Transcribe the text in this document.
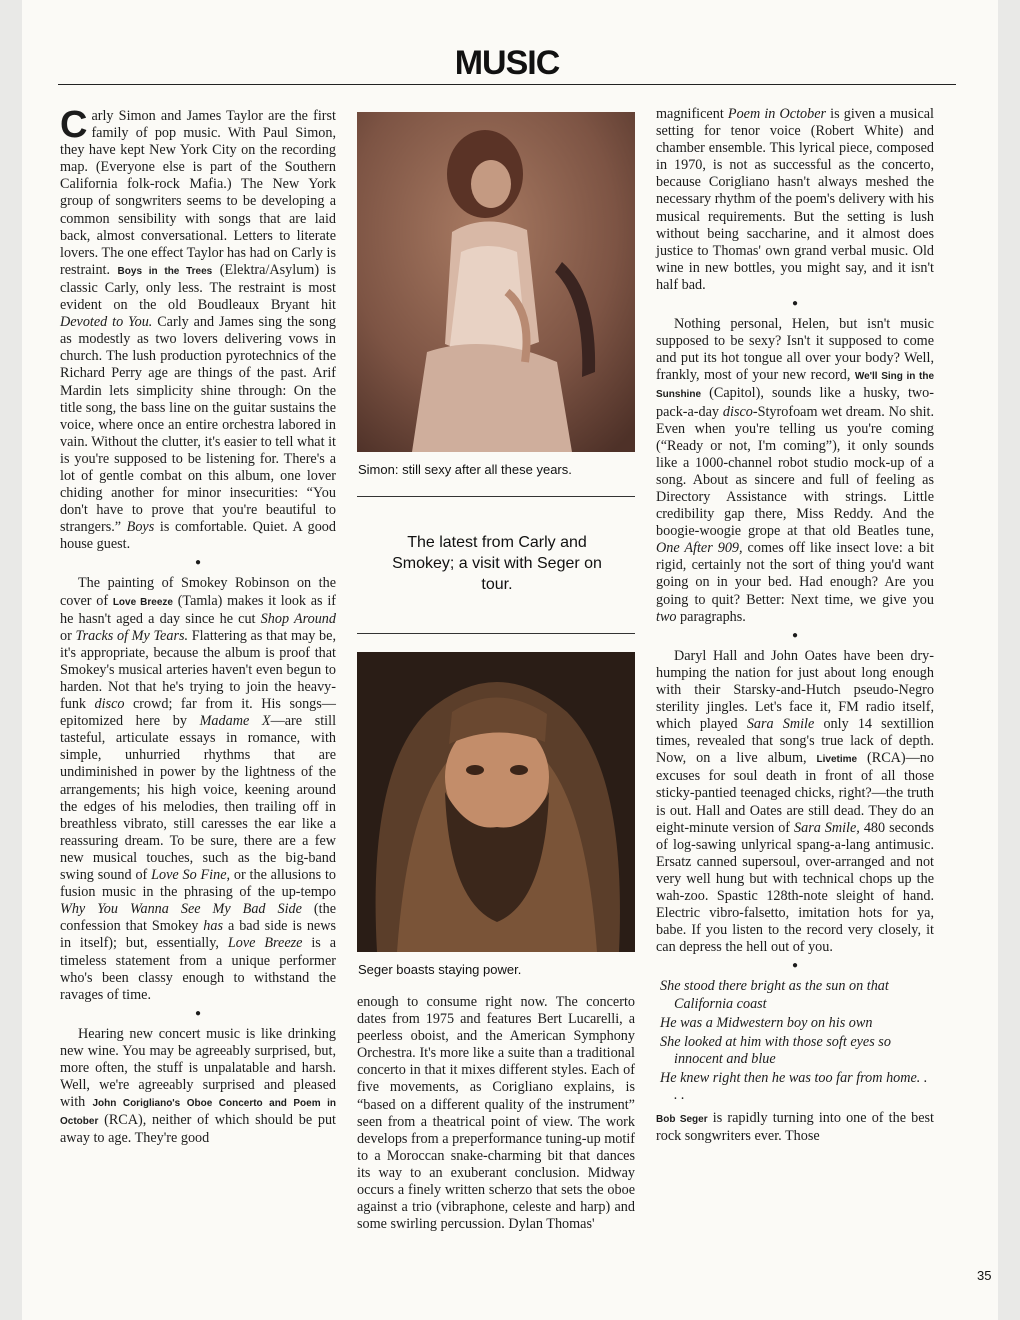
MUSIC

Carly Simon and James Taylor are the first family of pop music. With Paul Simon, they have kept New York City on the recording map. (Everyone else is part of the Southern California folk-rock Mafia.) The New York group of songwriters seems to be developing a common sensibility with songs that are laid back, almost conversational. Letters to literate lovers. The one effect Taylor has had on Carly is restraint. Boys in the Trees (Elektra/Asylum) is classic Carly, only less. The restraint is most evident on the old Boudleaux Bryant hit Devoted to You. Carly and James sing the song as modestly as two lovers delivering vows in church. The lush production pyrotechnics of the Richard Perry age are things of the past. Arif Mardin lets simplicity shine through: On the title song, the bass line on the guitar sustains the voice, where once an entire orchestra labored in vain. Without the clutter, it's easier to tell what it is you're supposed to be listening for. There's a lot of gentle combat on this album, one lover chiding another for minor insecurities: “You don't have to prove that you're beautiful to strangers.” Boys is comfortable. Quiet. A good house guest.

●

The painting of Smokey Robinson on the cover of Love Breeze (Tamla) makes it look as if he hasn't aged a day since he cut Shop Around or Tracks of My Tears. Flattering as that may be, it's appropriate, because the album is proof that Smokey's musical arteries haven't even begun to harden. Not that he's trying to join the heavy-funk disco crowd; far from it. His songs—epitomized here by Madame X—are still tasteful, articulate essays in romance, with simple, unhurried rhythms that are undiminished in power by the lightness of the arrangements; his high voice, keening around the edges of his melodies, then trailing off in breathless vibrato, still caresses the ear like a reassuring dream. To be sure, there are a few new musical touches, such as the big-band swing sound of Love So Fine, or the allusions to fusion music in the phrasing of the up-tempo Why You Wanna See My Bad Side (the confession that Smokey has a bad side is news in itself); but, essentially, Love Breeze is a timeless statement from a unique performer who's been classy enough to withstand the ravages of time.

●

Hearing new concert music is like drinking new wine. You may be agreeably surprised, but, more often, the stuff is unpalatable and harsh. Well, we're agreeably surprised and pleased with John Corigliano's Oboe Concerto and Poem in October (RCA), neither of which should be put away to age. They're good

Simon: still sexy after all these years.
The latest from Carly and Smokey; a visit with Seger on tour.
Seger boasts staying power.

enough to consume right now. The concerto dates from 1975 and features Bert Lucarelli, a peerless oboist, and the American Symphony Orchestra. It's more like a suite than a traditional concerto in that it mixes different styles. Each of five movements, as Corigliano explains, is “based on a different quality of the instrument” seen from a theatrical point of view. The work develops from a preperformance tuning-up motif to a Moroccan snake-charming bit that dances its way to an exuberant conclusion. Midway occurs a finely written scherzo that sets the oboe against a trio (vibraphone, celeste and harp) and some swirling percussion. Dylan Thomas'

magnificent Poem in October is given a musical setting for tenor voice (Robert White) and chamber ensemble. This lyrical piece, composed in 1970, is not as successful as the concerto, because Corigliano hasn't always meshed the necessary rhythm of the poem's delivery with his musical requirements. But the setting is lush without being saccharine, and it almost does justice to Thomas' own grand verbal music. Old wine in new bottles, you might say, and it isn't half bad.

●

Nothing personal, Helen, but isn't music supposed to be sexy? Isn't it supposed to come and put its hot tongue all over your body? Well, frankly, most of your new record, We'll Sing in the Sunshine (Capitol), sounds like a husky, two-pack-a-day disco-Styrofoam wet dream. No shit. Even when you're telling us you're coming (“Ready or not, I'm coming”), it only sounds like a 1000-channel robot studio mock-up of a song. About as sincere and full of feeling as Directory Assistance with strings. Little credibility gap there, Miss Reddy. And the boogie-woogie grope at that old Beatles tune, One After 909, comes off like insect love: a bit rigid, certainly not the sort of thing you'd want going on in your bed. Had enough? Are you going to quit? Better: Next time, we give you two paragraphs.

●

Daryl Hall and John Oates have been dry-humping the nation for just about long enough with their Starsky-and-Hutch pseudo-Negro sterility jingles. Let's face it, FM radio itself, which played Sara Smile only 14 sextillion times, revealed that song's true lack of depth. Now, on a live album, Livetime (RCA)—no excuses for soul death in front of all those sticky-pantied teenaged chicks, right?—the truth is out. Hall and Oates are still dead. They do an eight-minute version of Sara Smile, 480 seconds of log-sawing unlyrical spang-a-lang antimusic. Ersatz canned supersoul, over-arranged and not very well hung but with technical chops up the wah-zoo. Spastic 128th-note sleight of hand. Electric vibro-falsetto, imitation hots for ya, babe. If you listen to the record very closely, it can depress the hell out of you.

●

She stood there bright as the sun on that California coast

He was a Midwestern boy on his own

She looked at him with those soft eyes so innocent and blue

He knew right then he was too far from home. . . .

Bob Seger is rapidly turning into one of the best rock songwriters ever. Those

35
